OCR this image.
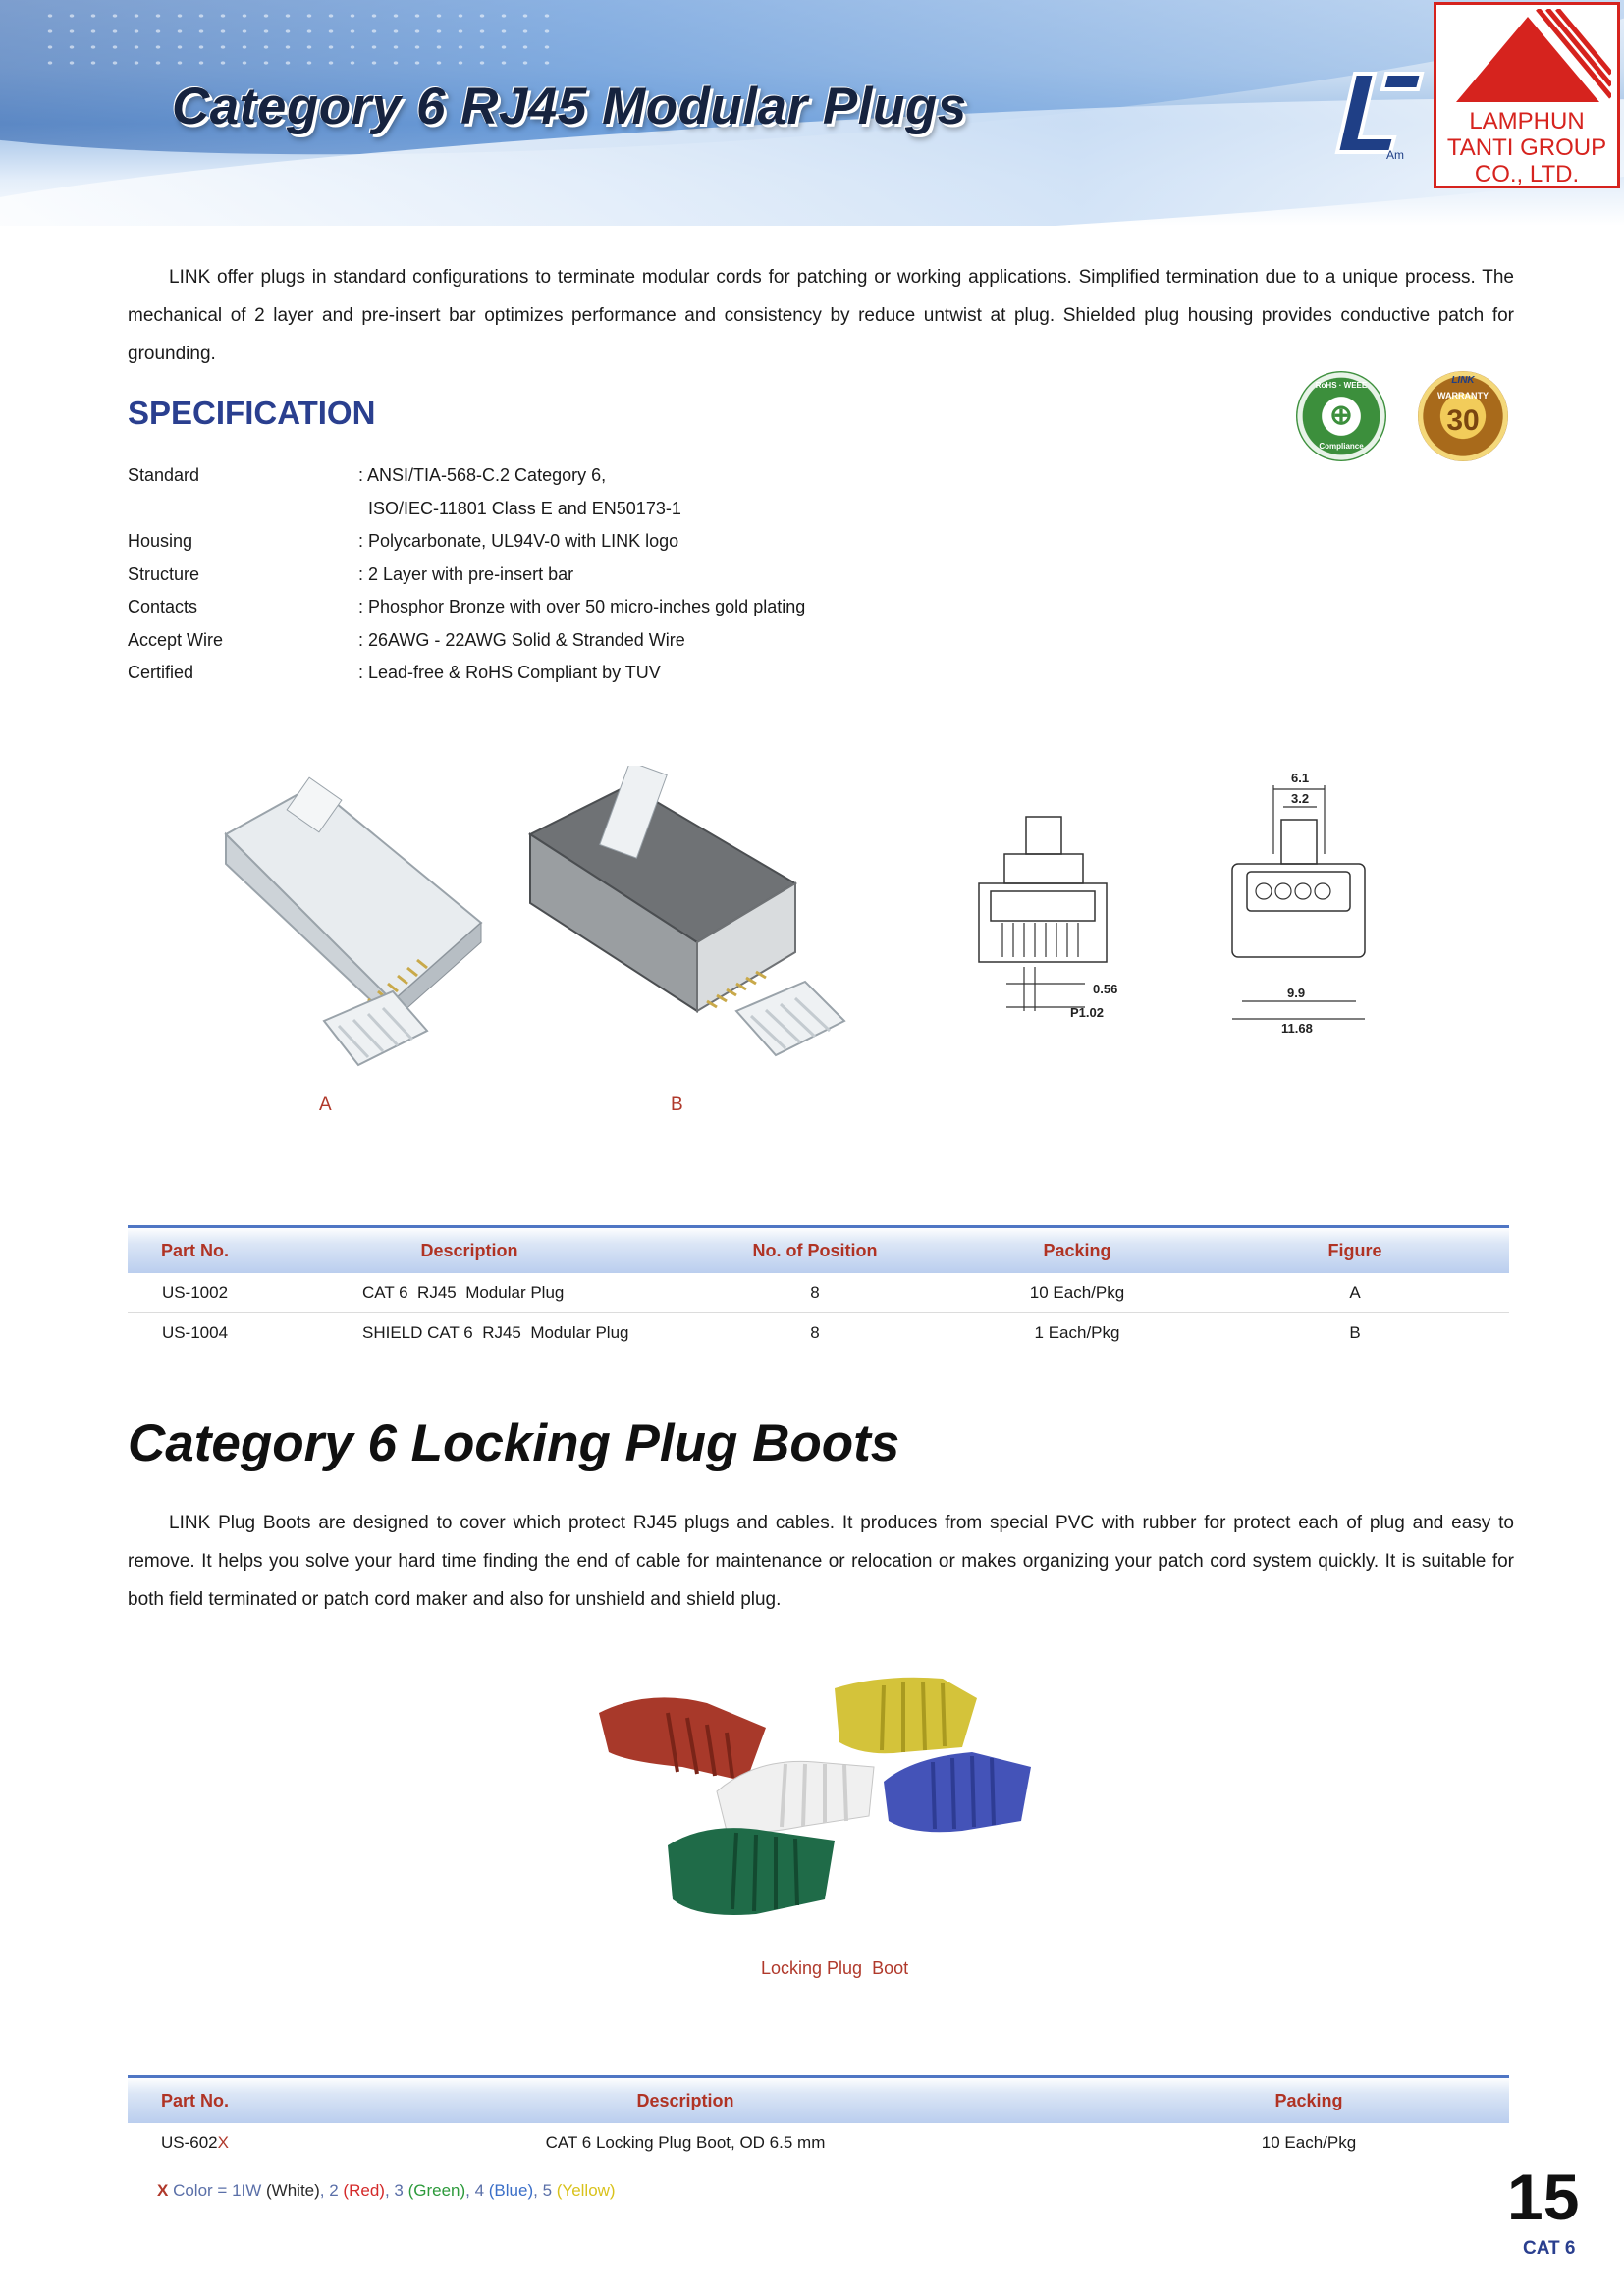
Category 6 RJ45 Modular Plugs
Am
LAMPHUN
TANTI GROUP
CO., LTD.

LINK offer plugs in standard configurations to terminate modular cords for patching or working applications. Simplified termination due to a unique process. The mechanical of 2 layer and pre-insert bar optimizes performance and consistency by reduce untwist at plug. Shielded plug housing provides conductive patch for grounding.

SPECIFICATION
RoHS · WEEE
⊕
Compliance
LINK
WARRANTY
30
Standard	: ANSI/TIA-568-C.2 Category 6,
	ISO/IEC-11801 Class E and EN50173-1
Housing	: Polycarbonate, UL94V-0 with LINK logo
Structure	: 2 Layer with pre-insert bar
Contacts	: Phosphor Bronze with over 50 micro-inches gold plating
Accept Wire	: 26AWG - 22AWG Solid & Stranded Wire
Certified	: Lead-free & RoHS Compliant by TUV
A	B
0.56
P1.02
6.1
3.2
9.9
11.68
Part No.	Description	No. of Position	Packing	Figure
US-1002	CAT 6  RJ45  Modular Plug	8	10 Each/Pkg	A
US-1004	SHIELD CAT 6  RJ45  Modular Plug	8	1 Each/Pkg	B
Category 6 Locking Plug Boots

LINK Plug Boots are designed to cover which protect RJ45 plugs and cables. It produces from special PVC with rubber for protect each of plug and easy to remove. It helps you solve your hard time finding the end of cable for maintenance or relocation or makes organizing your patch cord system quickly. It is suitable for both field terminated or patch cord maker and also for unshield and shield plug.

Locking Plug  Boot
Part No.	Description	Packing
US-602X	CAT 6 Locking Plug Boot, OD 6.5 mm	10 Each/Pkg
X Color = 1IW (White), 2 (Red), 3 (Green), 4 (Blue), 5 (Yellow)	15
CAT 6
